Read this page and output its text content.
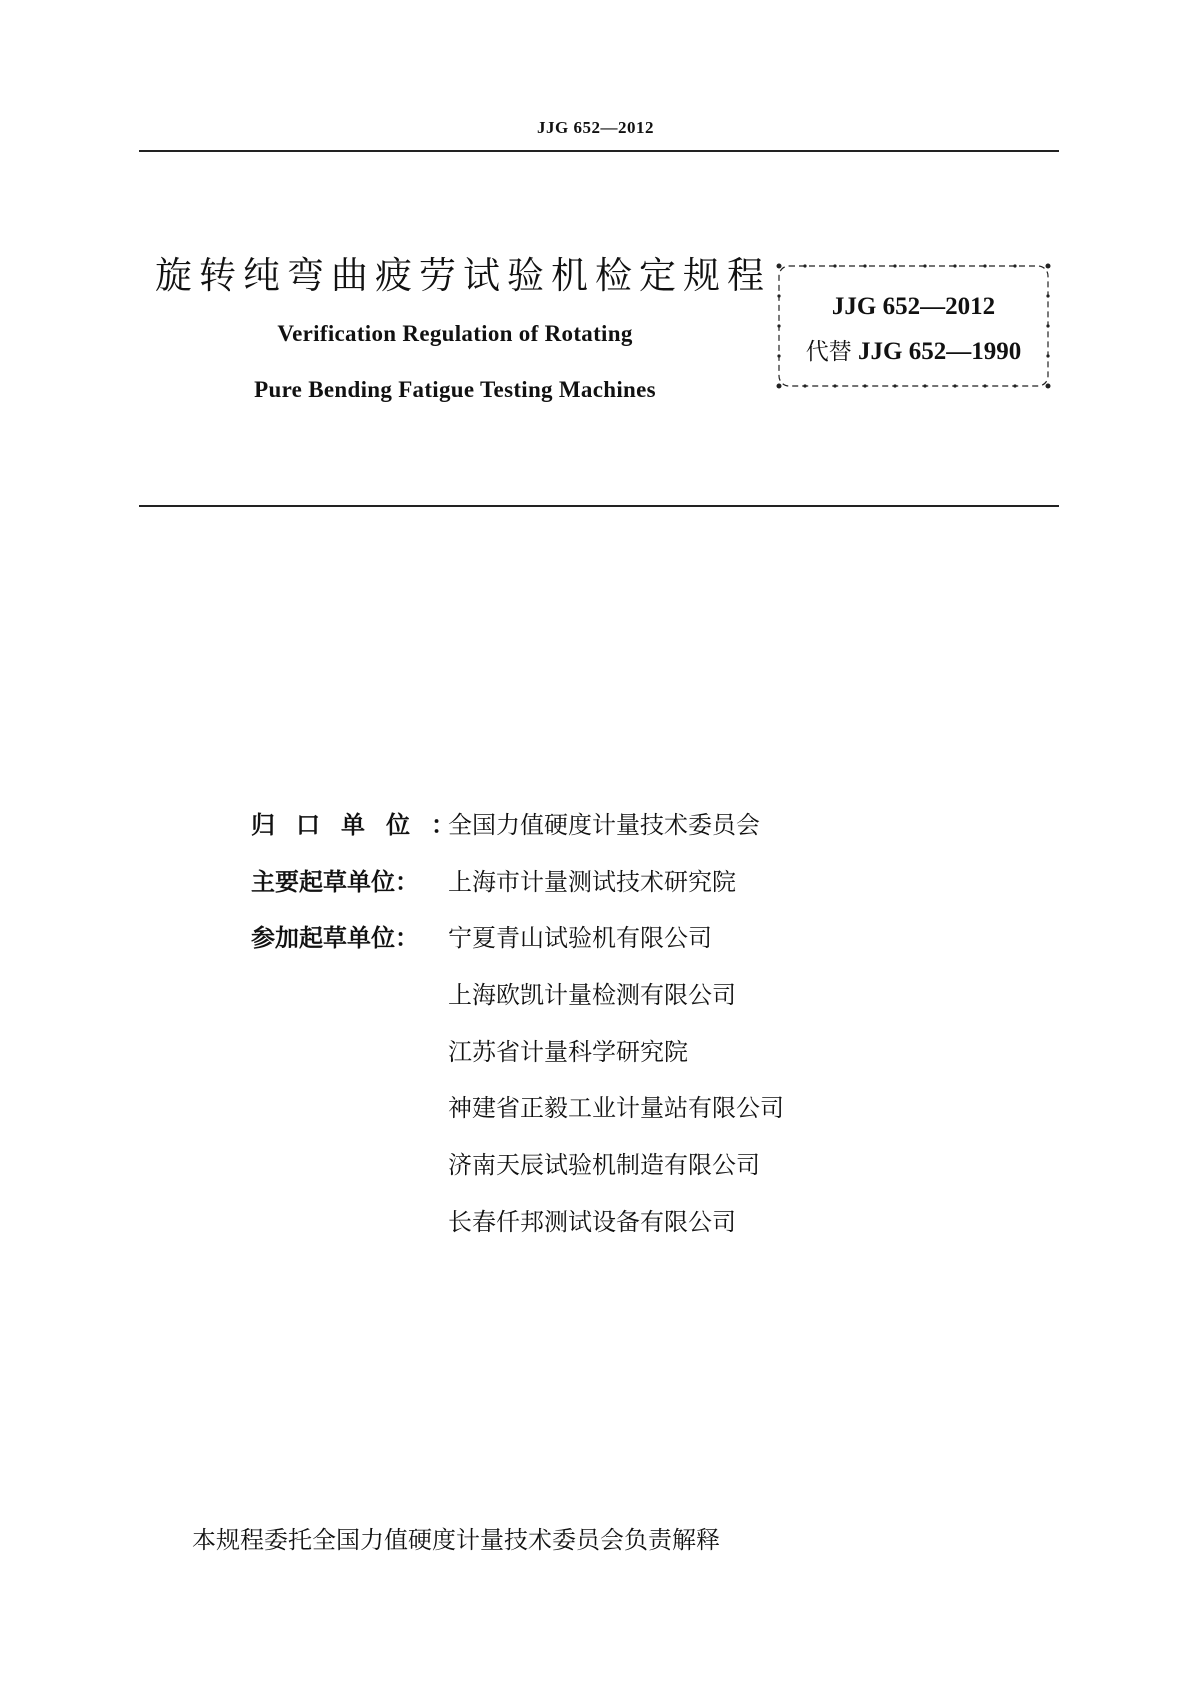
JJG 652—2012
旋转纯弯曲疲劳试验机检定规程
Verification Regulation of Rotating
Pure Bending Fatigue Testing Machines
JJG 652—2012
代替 JJG 652—1990
归口单位：
全国力值硬度计量技术委员会
主要起草单位：	上海市计量测试技术研究院
参加起草单位：	宁夏青山试验机有限公司
上海欧凯计量检测有限公司
江苏省计量科学研究院
神建省正毅工业计量站有限公司
济南天辰试验机制造有限公司
长春仟邦测试设备有限公司
本规程委托全国力值硬度计量技术委员会负责解释
